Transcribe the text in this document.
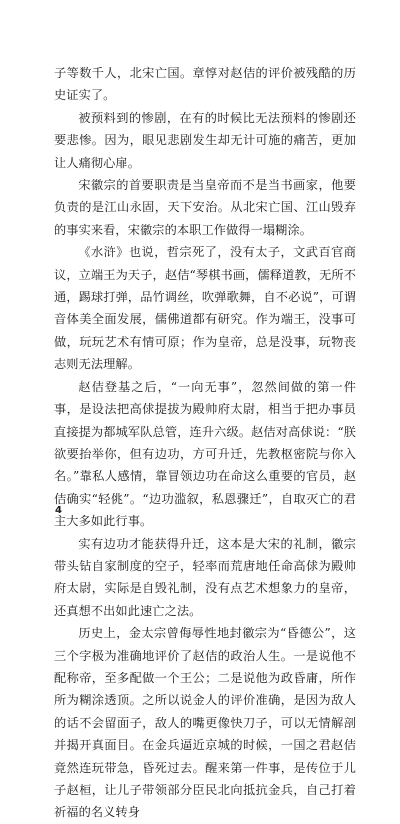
子等数千人，北宋亡国。章惇对赵佶的评价被残酷的历史证实了。

被预料到的惨剧，在有的时候比无法预料的惨剧还要悲惨。因为，眼见悲剧发生却无计可施的痛苦，更加让人痛彻心扉。

宋徽宗的首要职责是当皇帝而不是当书画家，他要负责的是江山永固，天下安治。从北宋亡国、江山毁弃的事实来看，宋徽宗的本职工作做得一塌糊涂。

《水浒》也说，哲宗死了，没有太子，文武百官商议，立端王为天子，赵佶“琴棋书画，儒释道教，无所不通，踢球打弹，品竹调丝，吹弹歌舞，自不必说”，可谓音体美全面发展，儒佛道都有研究。作为端王，没事可做，玩玩艺术有情可原；作为皇帝，总是没事，玩物丧志则无法理解。

赵佶登基之后，“一向无事”，忽然间做的第一件事，是设法把高俅提拔为殿帅府太尉，相当于把办事员直接提为都城军队总管，连升六级。赵佶对高俅说：“朕欲要抬举你，但有边功，方可升迁，先教枢密院与你入名。”靠私人感情，靠冒领边功在命这么重要的官员，赵佶确实“轻佻”。“边功滥叙，私恩骤迁”，自取灭亡的君主大多如此行事。

实有边功才能获得升迁，这本是大宋的礼制，徽宗带头钻自家制度的空子，轻率而荒唐地任命高俅为殿帅府太尉，实际是自毁礼制，没有点艺术想象力的皇帝，还真想不出如此速亡之法。

历史上，金太宗曾侮辱性地封徽宗为“昏德公”，这三个字极为准确地评价了赵佶的政治人生。一是说他不配称帝，至多配做一个王公；二是说他为政昏庸，所作所为糊涂透顶。之所以说金人的评价准确，是因为敌人的话不会留面子，敌人的嘴更像快刀子，可以无情解剖并揭开真面目。在金兵逼近京城的时候，一国之君赵佶竟然连玩带急，昏死过去。醒来第一件事，是传位于儿子赵桓，让儿子带领部分臣民北向抵抗金兵，自己打着祈福的名义转身

4
